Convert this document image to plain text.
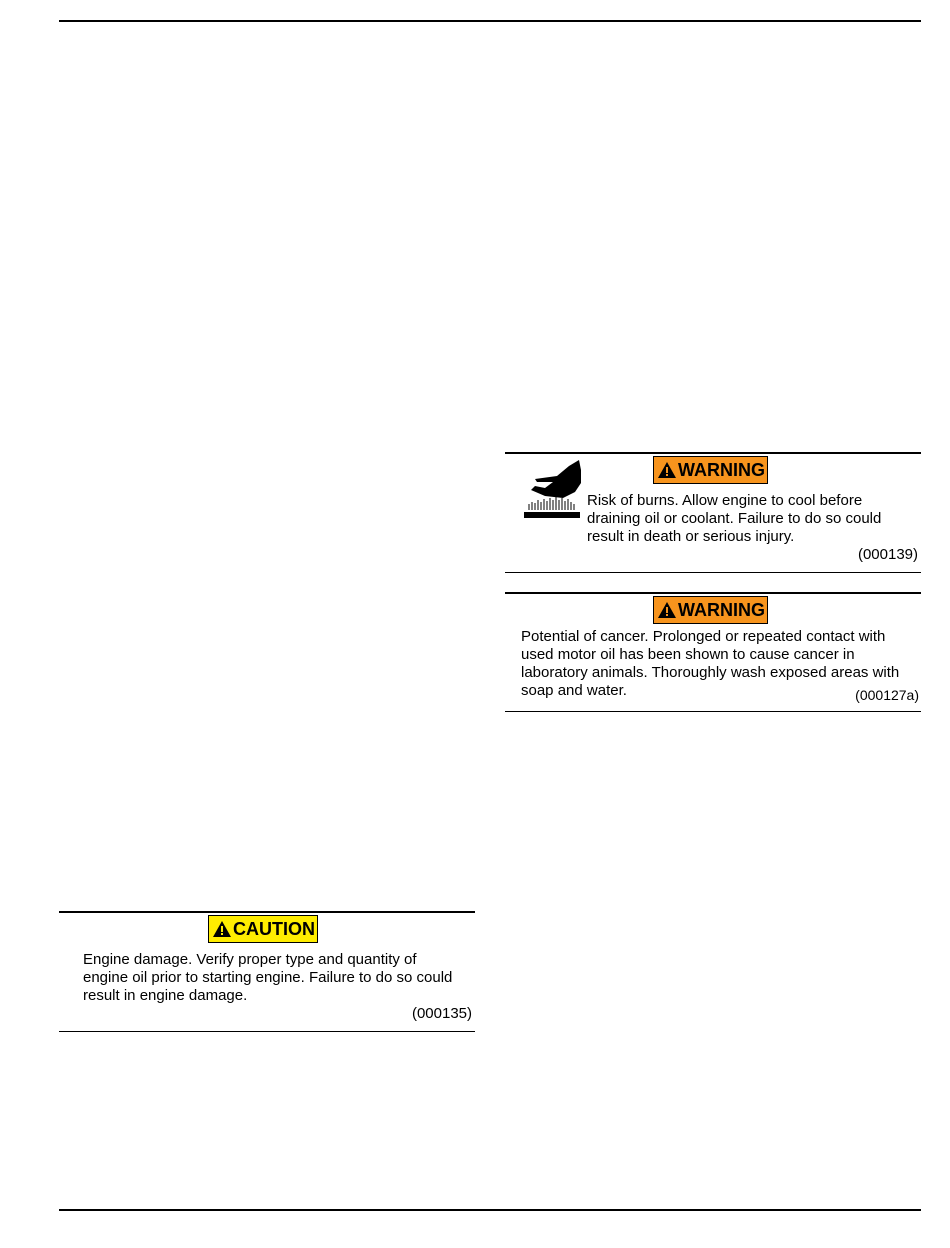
WARNING

Risk of burns. Allow engine to cool before draining oil or coolant. Failure to do so could result in death or serious injury.

(000139)
WARNING

Potential of cancer. Prolonged or repeated contact with used motor oil has been shown to cause cancer in laboratory animals. Thoroughly wash exposed areas with soap and water.	(000127a)
CAUTION

Engine damage. Verify proper type and quantity of engine oil prior to starting engine. Failure to do so could result in engine damage.

(000135)
